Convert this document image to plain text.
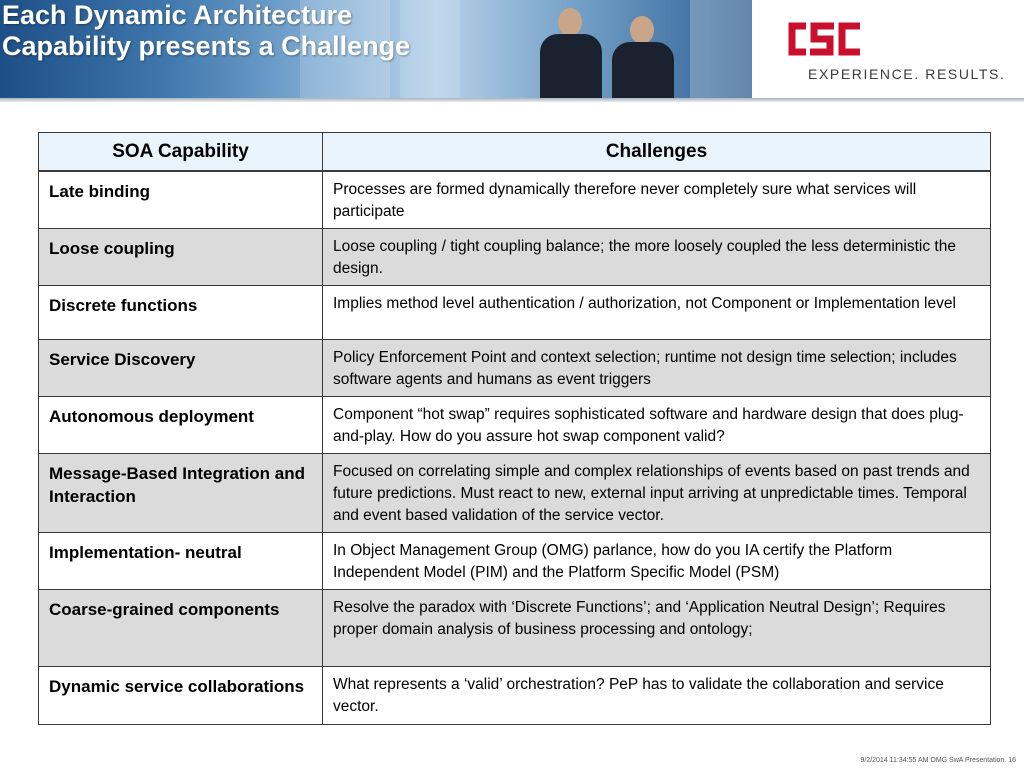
Each Dynamic Architecture Capability presents a Challenge
EXPERIENCE. RESULTS.
SOA Capability	Challenges
Late binding	Processes are formed dynamically therefore never completely sure what services will participate
Loose coupling	Loose coupling / tight coupling balance; the more loosely coupled the less deterministic the design.
Discrete functions	Implies method level authentication / authorization, not Component or Implementation level
Service Discovery	Policy Enforcement Point and context selection; runtime not design time selection; includes software agents and humans as event triggers
Autonomous deployment	Component “hot swap” requires sophisticated software and hardware design that does plug-and-play. How do you assure hot swap component valid?
Message-Based Integration and Interaction	Focused on correlating simple and complex relationships of events based on past trends and future predictions. Must react to new, external input arriving at unpredictable times. Temporal and event based validation of the service vector.
Implementation- neutral	In Object Management Group (OMG) parlance, how do you IA certify the Platform Independent Model (PIM) and the Platform Specific Model (PSM)
Coarse-grained components	Resolve the paradox with ‘Discrete Functions’; and ‘Application Neutral Design’; Requires proper domain analysis of business processing and ontology;
Dynamic service collaborations	What represents a ‘valid’ orchestration? PeP has to validate the collaboration and service vector.
9/2/2014 11:34:55 AM OMG SwA Presentation. 16
